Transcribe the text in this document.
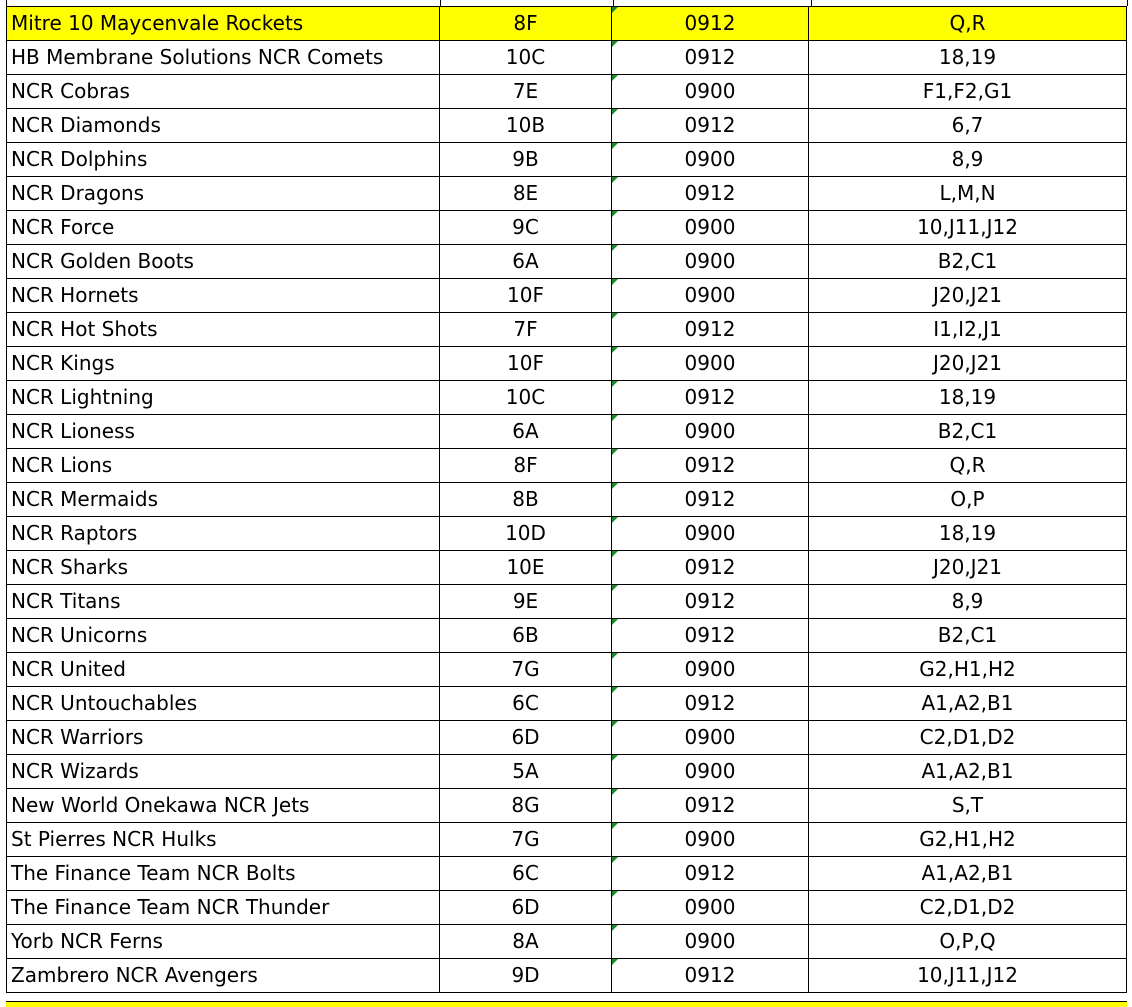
Mitre 10 Maycenvale Rockets	8F	0912	Q,R
HB Membrane Solutions NCR Comets	10C	0912	18,19
NCR Cobras	7E	0900	F1,F2,G1
NCR Diamonds	10B	0912	6,7
NCR Dolphins	9B	0900	8,9
NCR Dragons	8E	0912	L,M,N
NCR Force	9C	0900	10,J11,J12
NCR Golden Boots	6A	0900	B2,C1
NCR Hornets	10F	0900	J20,J21
NCR Hot Shots	7F	0912	I1,I2,J1
NCR Kings	10F	0900	J20,J21
NCR Lightning	10C	0912	18,19
NCR Lioness	6A	0900	B2,C1
NCR Lions	8F	0912	Q,R
NCR Mermaids	8B	0912	O,P
NCR Raptors	10D	0900	18,19
NCR Sharks	10E	0912	J20,J21
NCR Titans	9E	0912	8,9
NCR Unicorns	6B	0912	B2,C1
NCR United	7G	0900	G2,H1,H2
NCR Untouchables	6C	0912	A1,A2,B1
NCR Warriors	6D	0900	C2,D1,D2
NCR Wizards	5A	0900	A1,A2,B1
New World Onekawa NCR Jets	8G	0912	S,T
St Pierres NCR Hulks	7G	0900	G2,H1,H2
The Finance Team NCR Bolts	6C	0912	A1,A2,B1
The Finance Team NCR Thunder	6D	0900	C2,D1,D2
Yorb NCR Ferns	8A	0900	O,P,Q
Zambrero NCR Avengers	9D	0912	10,J11,J12
